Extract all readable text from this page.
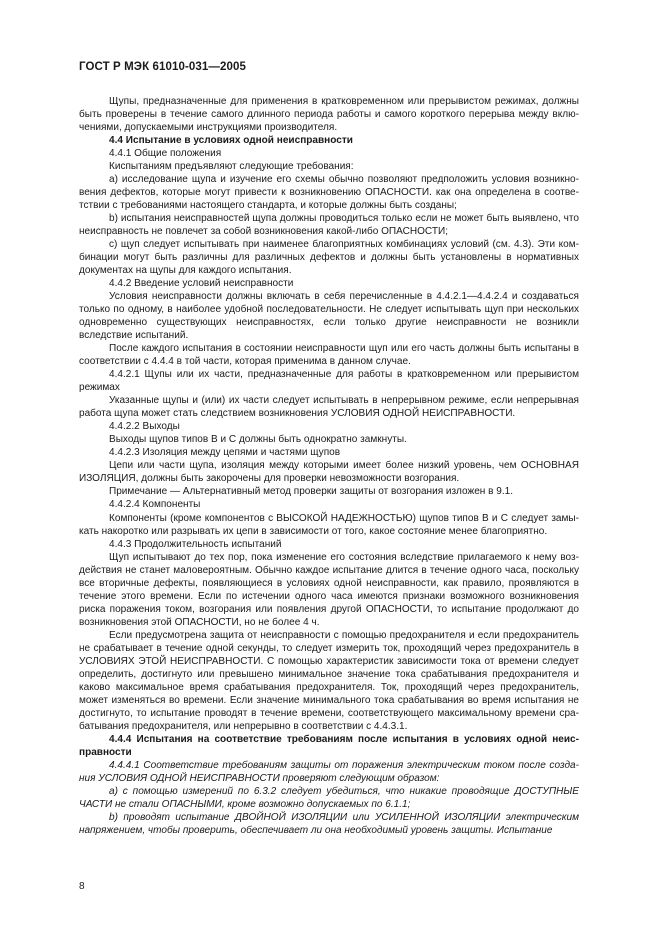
ГОСТ Р МЭК 61010-031—2005

Щупы, предназначенные для применения в кратковременном или прерывистом режимах, должны быть проверены в течение самого длинного периода работы и самого короткого перерыва между включениями, допускаемыми инструкциями производителя.

4.4 Испытание в условиях одной неисправности

4.4.1 Общие положения

Киспытаниям предъявляют следующие требования:

a) исследование щупа и изучение его схемы обычно позволяют предположить условия возникновения дефектов, которые могут привести к возникновению ОПАСНОСТИ. как она определена в соответствии с требованиями настоящего стандарта, и которые должны быть созданы;

b) испытания неисправностей щупа должны проводиться только если не может быть выявлено, что неисправность не повлечет за собой возникновения какой-либо ОПАСНОСТИ;

c) щуп следует испытывать при наименее благоприятных комбинациях условий (см. 4.3). Эти комбинации могут быть различны для различных дефектов и должны быть установлены в нормативных документах на щупы для каждого испытания.

4.4.2 Введение условий неисправности

Условия неисправности должны включать в себя перечисленные в 4.4.2.1—4.4.2.4 и создаваться только по одному, в наиболее удобной последовательности. Не следует испытывать щуп при нескольких одновременно существующих неисправностях, если только другие неисправности не возникли вследствие испытаний.

После каждого испытания в состоянии неисправности щуп или его часть должны быть испытаны в соответствии с 4.4.4 в той части, которая применима в данном случае.

4.4.2.1 Щупы или их части, предназначенные для работы в кратковременном или прерывистом режимах

Указанные щупы и (или) их части следует испытывать в непрерывном режиме, если непрерывная работа щупа может стать следствием возникновения УСЛОВИЯ ОДНОЙ НЕИСПРАВНОСТИ.

4.4.2.2 Выходы

Выходы щупов типов В и С должны быть однократно замкнуты.

4.4.2.3 Изоляция между цепями и частями щупов

Цепи или части щупа, изоляция между которыми имеет более низкий уровень, чем ОСНОВНАЯ ИЗОЛЯЦИЯ, должны быть закорочены для проверки невозможности возгорания.

Примечание — Альтернативный метод проверки защиты от возгорания изложен в 9.1.

4.4.2.4 Компоненты

Компоненты (кроме компонентов с ВЫСОКОЙ НАДЕЖНОСТЬЮ) щупов типов В и С следует замыкать накоротко или разрывать их цепи в зависимости от того, какое состояние менее благоприятно.

4.4.3 Продолжительность испытаний

Щуп испытывают до тех пор, пока изменение его состояния вследствие прилагаемого к нему воздействия не станет маловероятным. Обычно каждое испытание длится в течение одного часа, поскольку все вторичные дефекты, появляющиеся в условиях одной неисправности, как правило, проявляются в течение этого времени. Если по истечении одного часа имеются признаки возможного возникновения риска поражения током, возгорания или появления другой ОПАСНОСТИ, то испытание продолжают до возникновения этой ОПАСНОСТИ, но не более 4 ч.

Если предусмотрена защита от неисправности с помощью предохранителя и если предохранитель не срабатывает в течение одной секунды, то следует измерить ток, проходящий через предохранитель в УСЛОВИЯХ ЭТОЙ НЕИСПРАВНОСТИ. С помощью характеристик зависимости тока от времени следует определить, достигнуто или превышено минимальное значение тока срабатывания предохранителя и каково максимальное время срабатывания предохранителя. Ток, проходящий через предохранитель, может изменяться во времени. Если значение минимального тока срабатывания во время испытания не достигнуто, то испытание проводят в течение времени, соответствующего максимальному времени срабатывания предохранителя, или непрерывно в соответствии с 4.4.3.1.

4.4.4 Испытания на соответствие требованиям после испытания в условиях одной неисправности

4.4.4.1 Соответствие требованиям защиты от поражения электрическим током после создания УСЛОВИЯ ОДНОЙ НЕИСПРАВНОСТИ проверяют следующим образом:

a) с помощью измерений по 6.3.2 следует убедиться, что никакие проводящие ДОСТУПНЫЕ ЧАСТИ не стали ОПАСНЫМИ, кроме возможно допускаемых по 6.1.1;

b) проводят испытание ДВОЙНОЙ ИЗОЛЯЦИИ или УСИЛЕННОЙ ИЗОЛЯЦИИ электрическим напряжением, чтобы проверить, обеспечивает ли она необходимый уровень защиты. Испытание

8
